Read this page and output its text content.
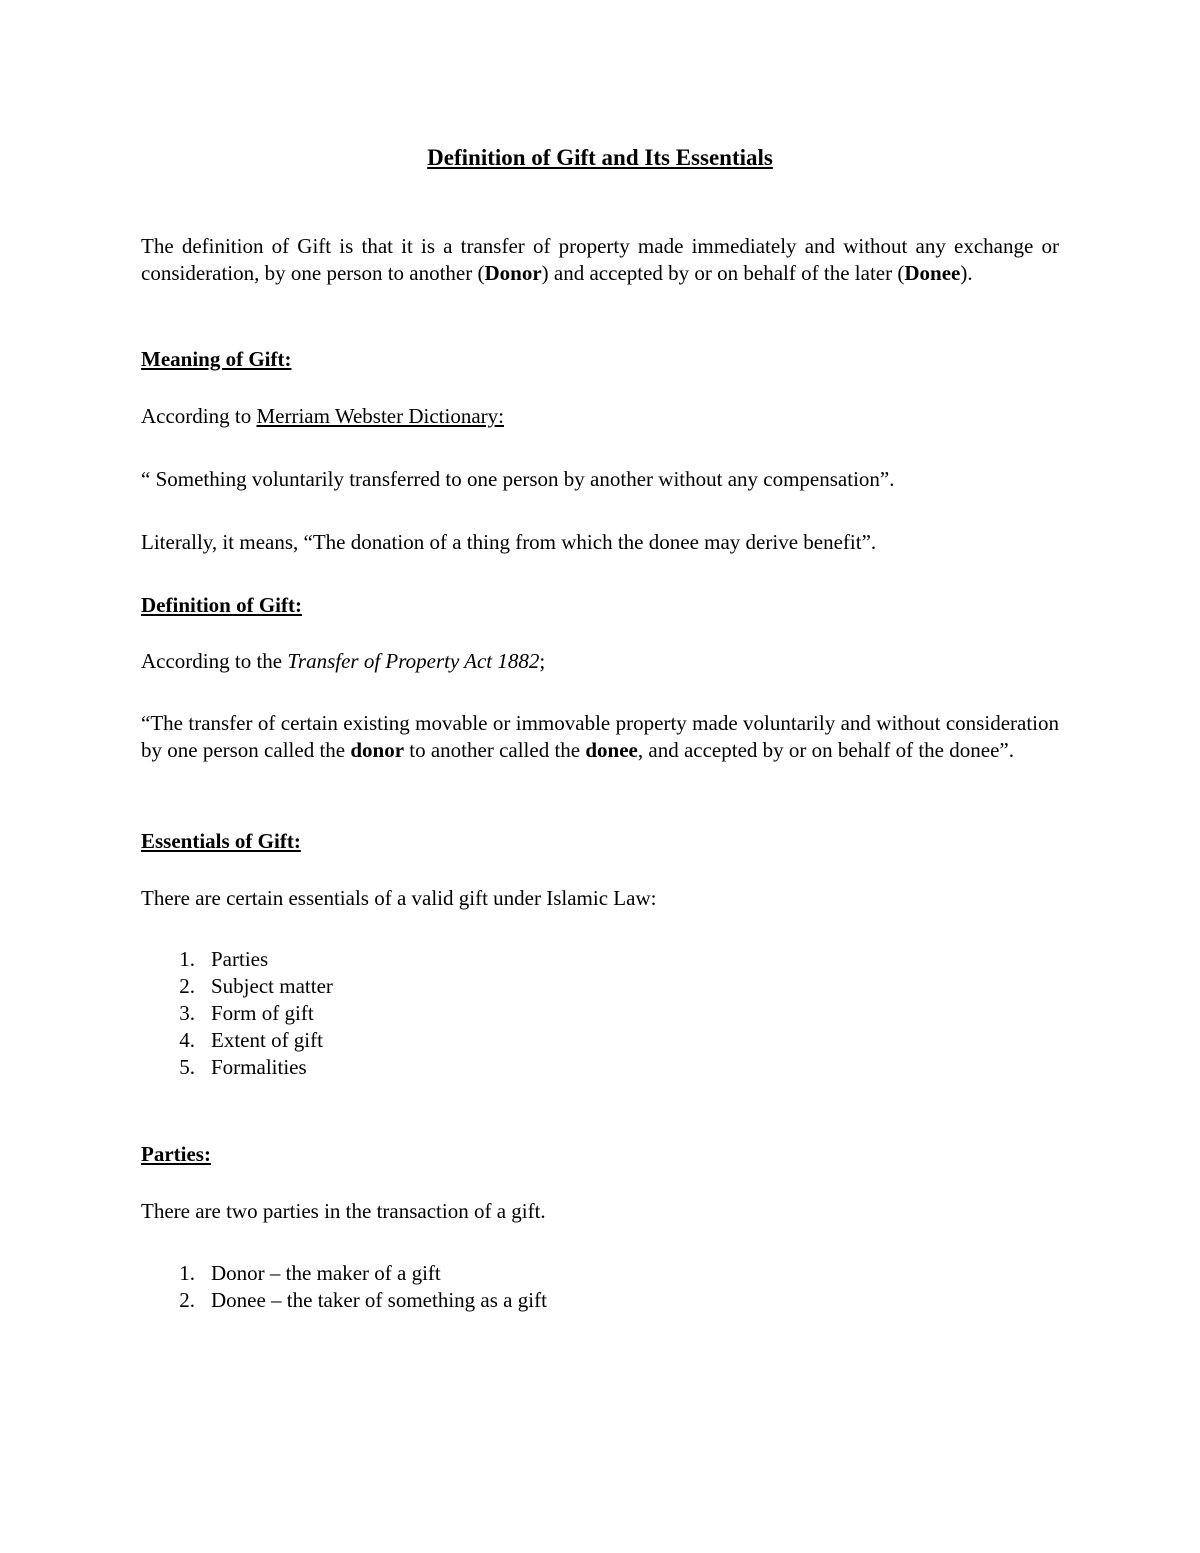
Definition of Gift and Its Essentials
The definition of Gift is that it is a transfer of property made immediately and without any exchange or consideration, by one person to another (Donor) and accepted by or on behalf of the later (Donee).
Meaning of Gift:
According to Merriam Webster Dictionary:
“ Something voluntarily transferred to one person by another without any compensation”.
Literally, it means, “The donation of a thing from which the donee may derive benefit”.
Definition of Gift:
According to the Transfer of Property Act 1882;
“The transfer of certain existing movable or immovable property made voluntarily and without consideration by one person called the donor to another called the donee, and accepted by or on behalf of the donee”.
Essentials of Gift:
There are certain essentials of a valid gift under Islamic Law:
1. Parties
2. Subject matter
3. Form of gift
4. Extent of gift
5. Formalities
Parties:
There are two parties in the transaction of a gift.
1. Donor – the maker of a gift
2. Donee – the taker of something as a gift
